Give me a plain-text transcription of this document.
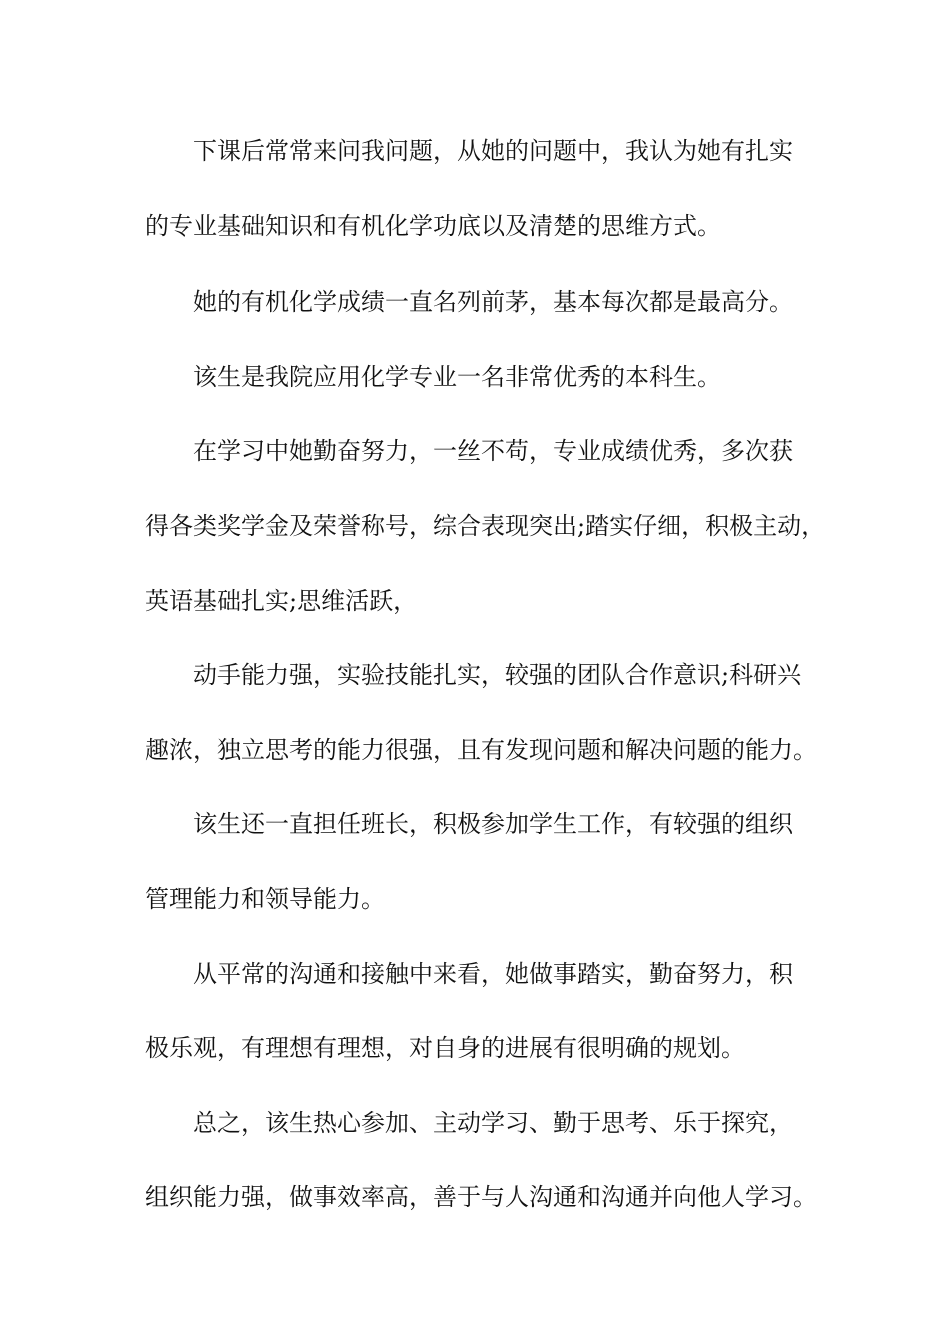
下课后常常来问我问题，从她的问题中，我认为她有扎实
的专业基础知识和有机化学功底以及清楚的思维方式。
她的有机化学成绩一直名列前茅，基本每次都是最高分。
该生是我院应用化学专业一名非常优秀的本科生。
在学习中她勤奋努力，一丝不苟，专业成绩优秀，多次获
得各类奖学金及荣誉称号，综合表现突出;踏实仔细，积极主动，
英语基础扎实;思维活跃，
动手能力强，实验技能扎实，较强的团队合作意识;科研兴
趣浓，独立思考的能力很强，且有发现问题和解决问题的能力。
该生还一直担任班长，积极参加学生工作，有较强的组织
管理能力和领导能力。
从平常的沟通和接触中来看，她做事踏实，勤奋努力，积
极乐观，有理想有理想，对自身的进展有很明确的规划。
总之，该生热心参加、主动学习、勤于思考、乐于探究，
组织能力强，做事效率高，善于与人沟通和沟通并向他人学习。
